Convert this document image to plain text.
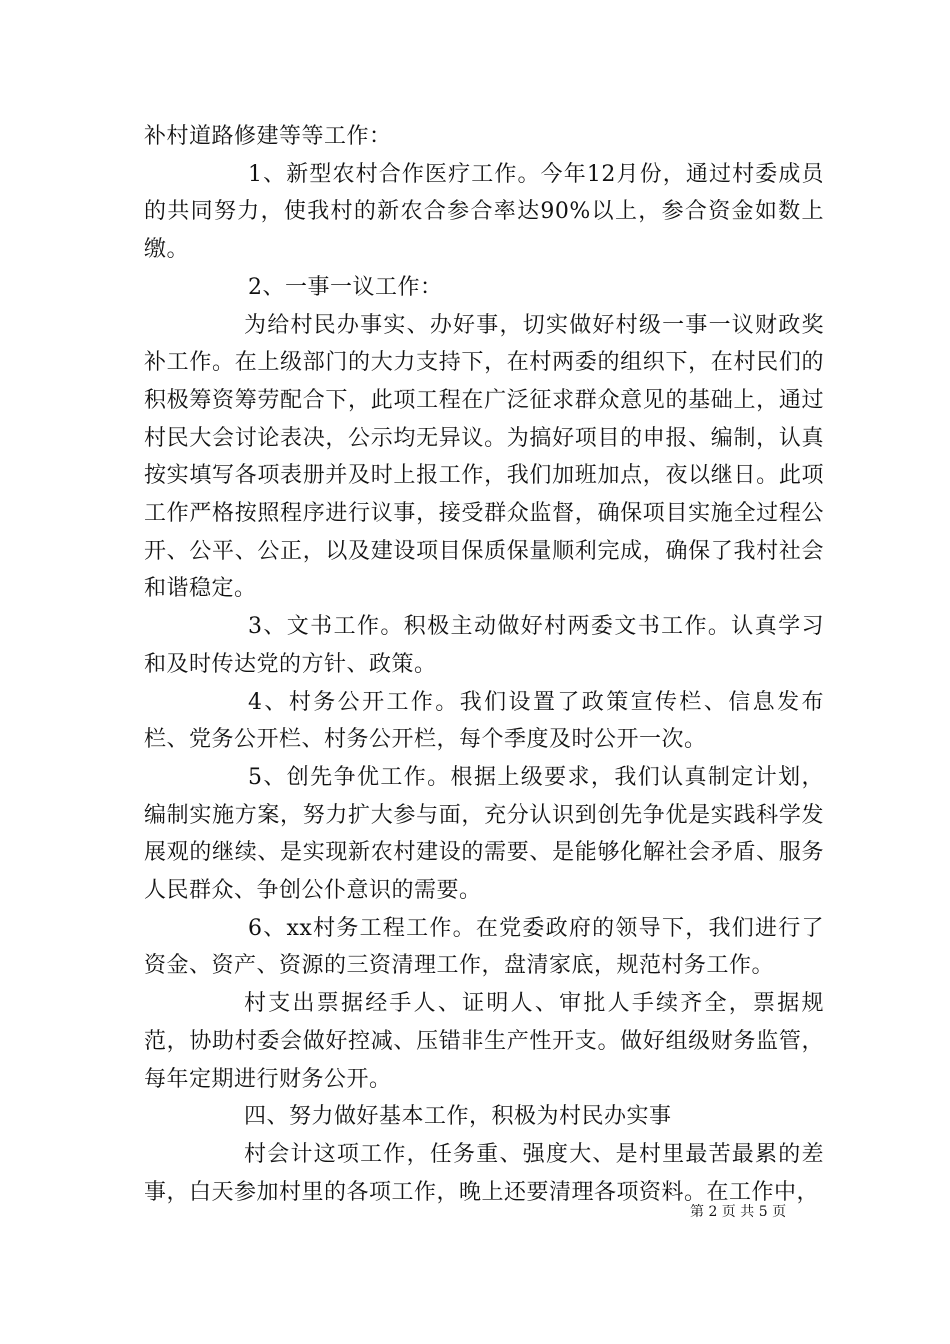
补村道路修建等等工作：

1、新型农村合作医疗工作。今年12月份，通过村委成员的共同努力，使我村的新农合参合率达90%以上，参合资金如数上缴。

2、一事一议工作：

为给村民办事实、办好事，切实做好村级一事一议财政奖补工作。在上级部门的大力支持下，在村两委的组织下，在村民们的积极筹资筹劳配合下，此项工程在广泛征求群众意见的基础上，通过村民大会讨论表决，公示均无异议。为搞好项目的申报、编制，认真按实填写各项表册并及时上报工作，我们加班加点，夜以继日。此项工作严格按照程序进行议事，接受群众监督，确保项目实施全过程公开、公平、公正，以及建设项目保质保量顺利完成，确保了我村社会和谐稳定。

3、文书工作。积极主动做好村两委文书工作。认真学习和及时传达党的方针、政策。

4、村务公开工作。我们设置了政策宣传栏、信息发布栏、党务公开栏、村务公开栏，每个季度及时公开一次。

5、创先争优工作。根据上级要求，我们认真制定计划，编制实施方案，努力扩大参与面，充分认识到创先争优是实践科学发展观的继续、是实现新农村建设的需要、是能够化解社会矛盾、服务人民群众、争创公仆意识的需要。

6、xx村务工程工作。在党委政府的领导下，我们进行了资金、资产、资源的三资清理工作，盘清家底，规范村务工作。

村支出票据经手人、证明人、审批人手续齐全，票据规范，协助村委会做好控减、压错非生产性开支。做好组级财务监管，每年定期进行财务公开。

四、努力做好基本工作，积极为村民办实事

村会计这项工作，任务重、强度大、是村里最苦最累的差事，白天参加村里的各项工作，晚上还要清理各项资料。在工作中，

第 2 页 共 5 页
